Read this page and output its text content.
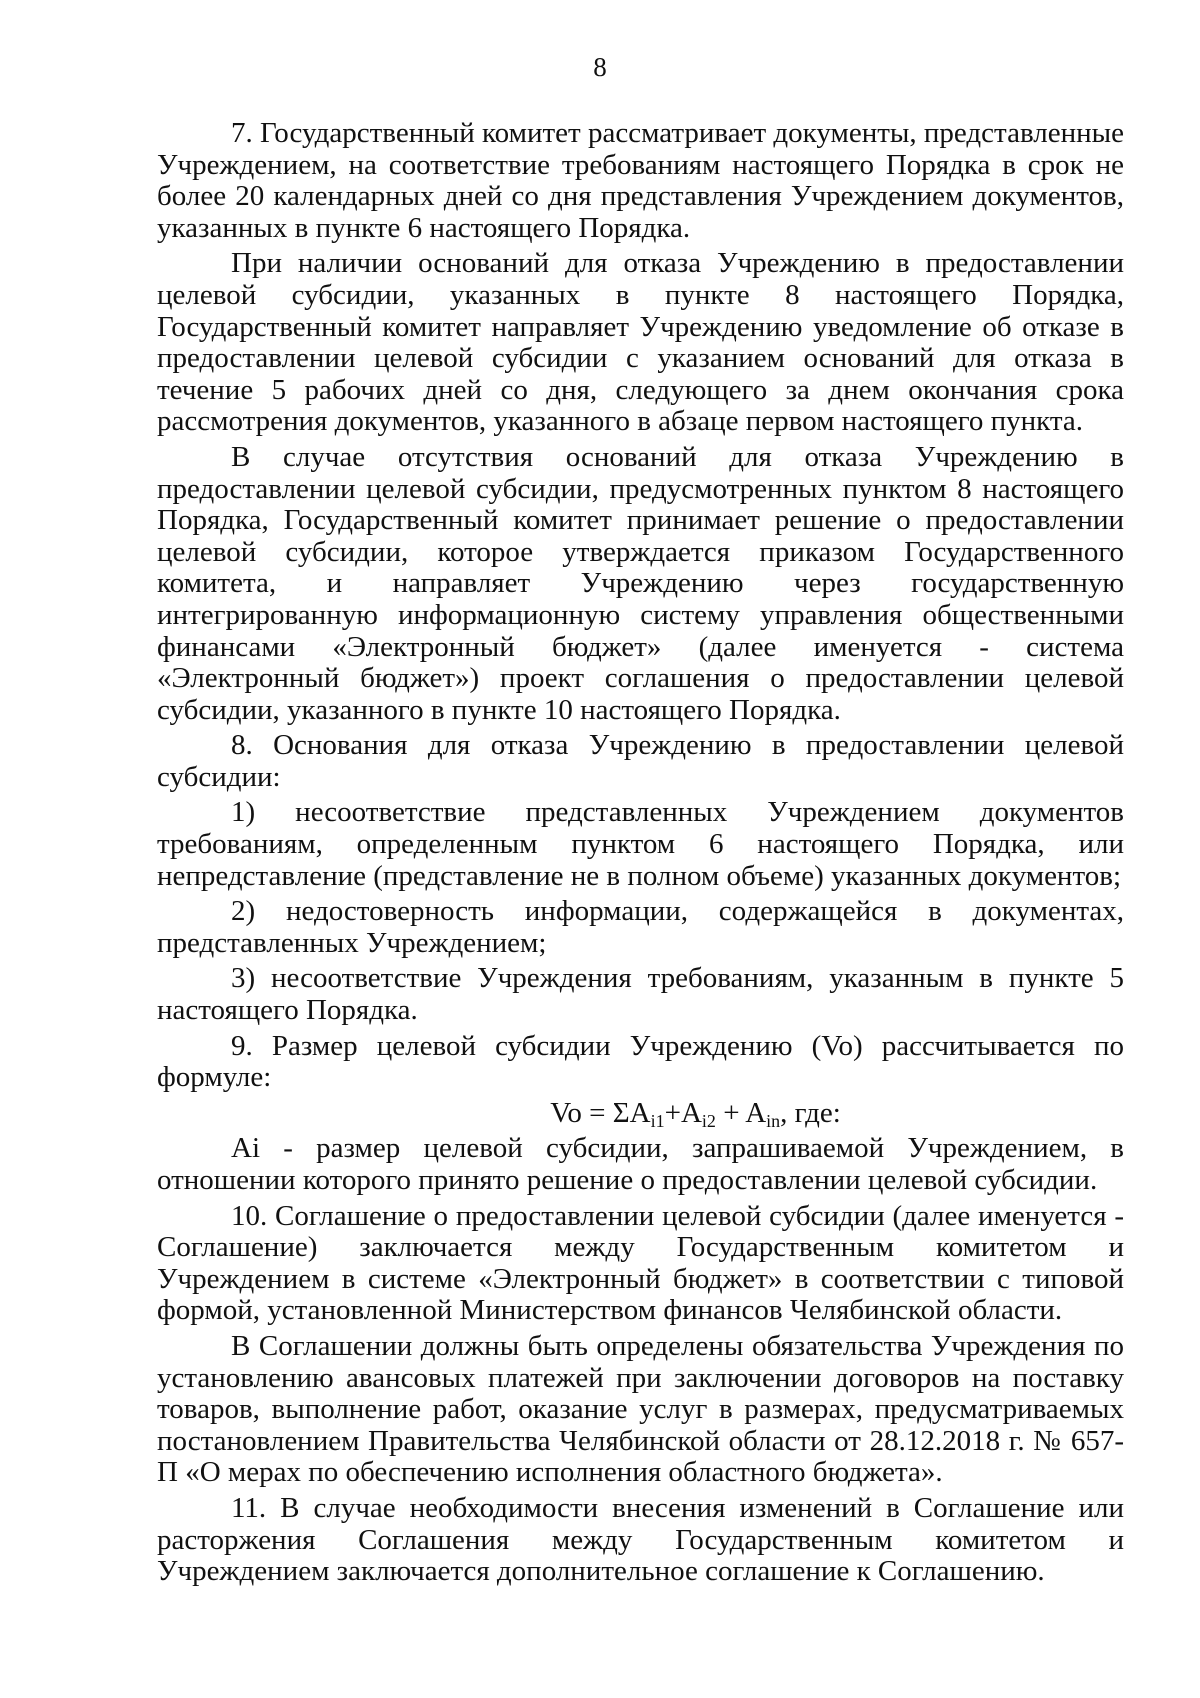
8

7. Государственный комитет рассматривает документы, представленные Учреждением, на соответствие требованиям настоящего Порядка в срок не более 20 календарных дней со дня представления Учреждением документов, указанных в пункте 6 настоящего Порядка.

При наличии оснований для отказа Учреждению в предоставлении целевой субсидии, указанных в пункте 8 настоящего Порядка, Государственный комитет направляет Учреждению уведомление об отказе в предоставлении целевой субсидии с указанием оснований для отказа в течение 5 рабочих дней со дня, следующего за днем окончания срока рассмотрения документов, указанного в абзаце первом настоящего пункта.

В случае отсутствия оснований для отказа Учреждению в предоставлении целевой субсидии, предусмотренных пунктом 8 настоящего Порядка, Государственный комитет принимает решение о предоставлении целевой субсидии, которое утверждается приказом Государственного комитета, и направляет Учреждению через государственную интегрированную информационную систему управления общественными финансами «Электронный бюджет» (далее именуется - система «Электронный бюджет») проект соглашения о предоставлении целевой субсидии, указанного в пункте 10 настоящего Порядка.

8. Основания для отказа Учреждению в предоставлении целевой субсидии:

1) несоответствие представленных Учреждением документов требованиям, определенным пунктом 6 настоящего Порядка, или непредставление (представление не в полном объеме) указанных документов;

2) недостоверность информации, содержащейся в документах, представленных Учреждением;

3) несоответствие Учреждения требованиям, указанным в пункте 5 настоящего Порядка.

9. Размер целевой субсидии Учреждению (Vo) рассчитывается по формуле:

$Vo = \Sigma A_{i1}+A_{i2} + A_{in}$, где:

Ai - размер целевой субсидии, запрашиваемой Учреждением, в отношении которого принято решение о предоставлении целевой субсидии.

10. Соглашение о предоставлении целевой субсидии (далее именуется - Соглашение) заключается между Государственным комитетом и Учреждением в системе «Электронный бюджет» в соответствии с типовой формой, установленной Министерством финансов Челябинской области.

В Соглашении должны быть определены обязательства Учреждения по установлению авансовых платежей при заключении договоров на поставку товаров, выполнение работ, оказание услуг в размерах, предусматриваемых постановлением Правительства Челябинской области от 28.12.2018 г. № 657-П «О мерах по обеспечению исполнения областного бюджета».

11. В случае необходимости внесения изменений в Соглашение или расторжения Соглашения между Государственным комитетом и Учреждением заключается дополнительное соглашение к Соглашению.
